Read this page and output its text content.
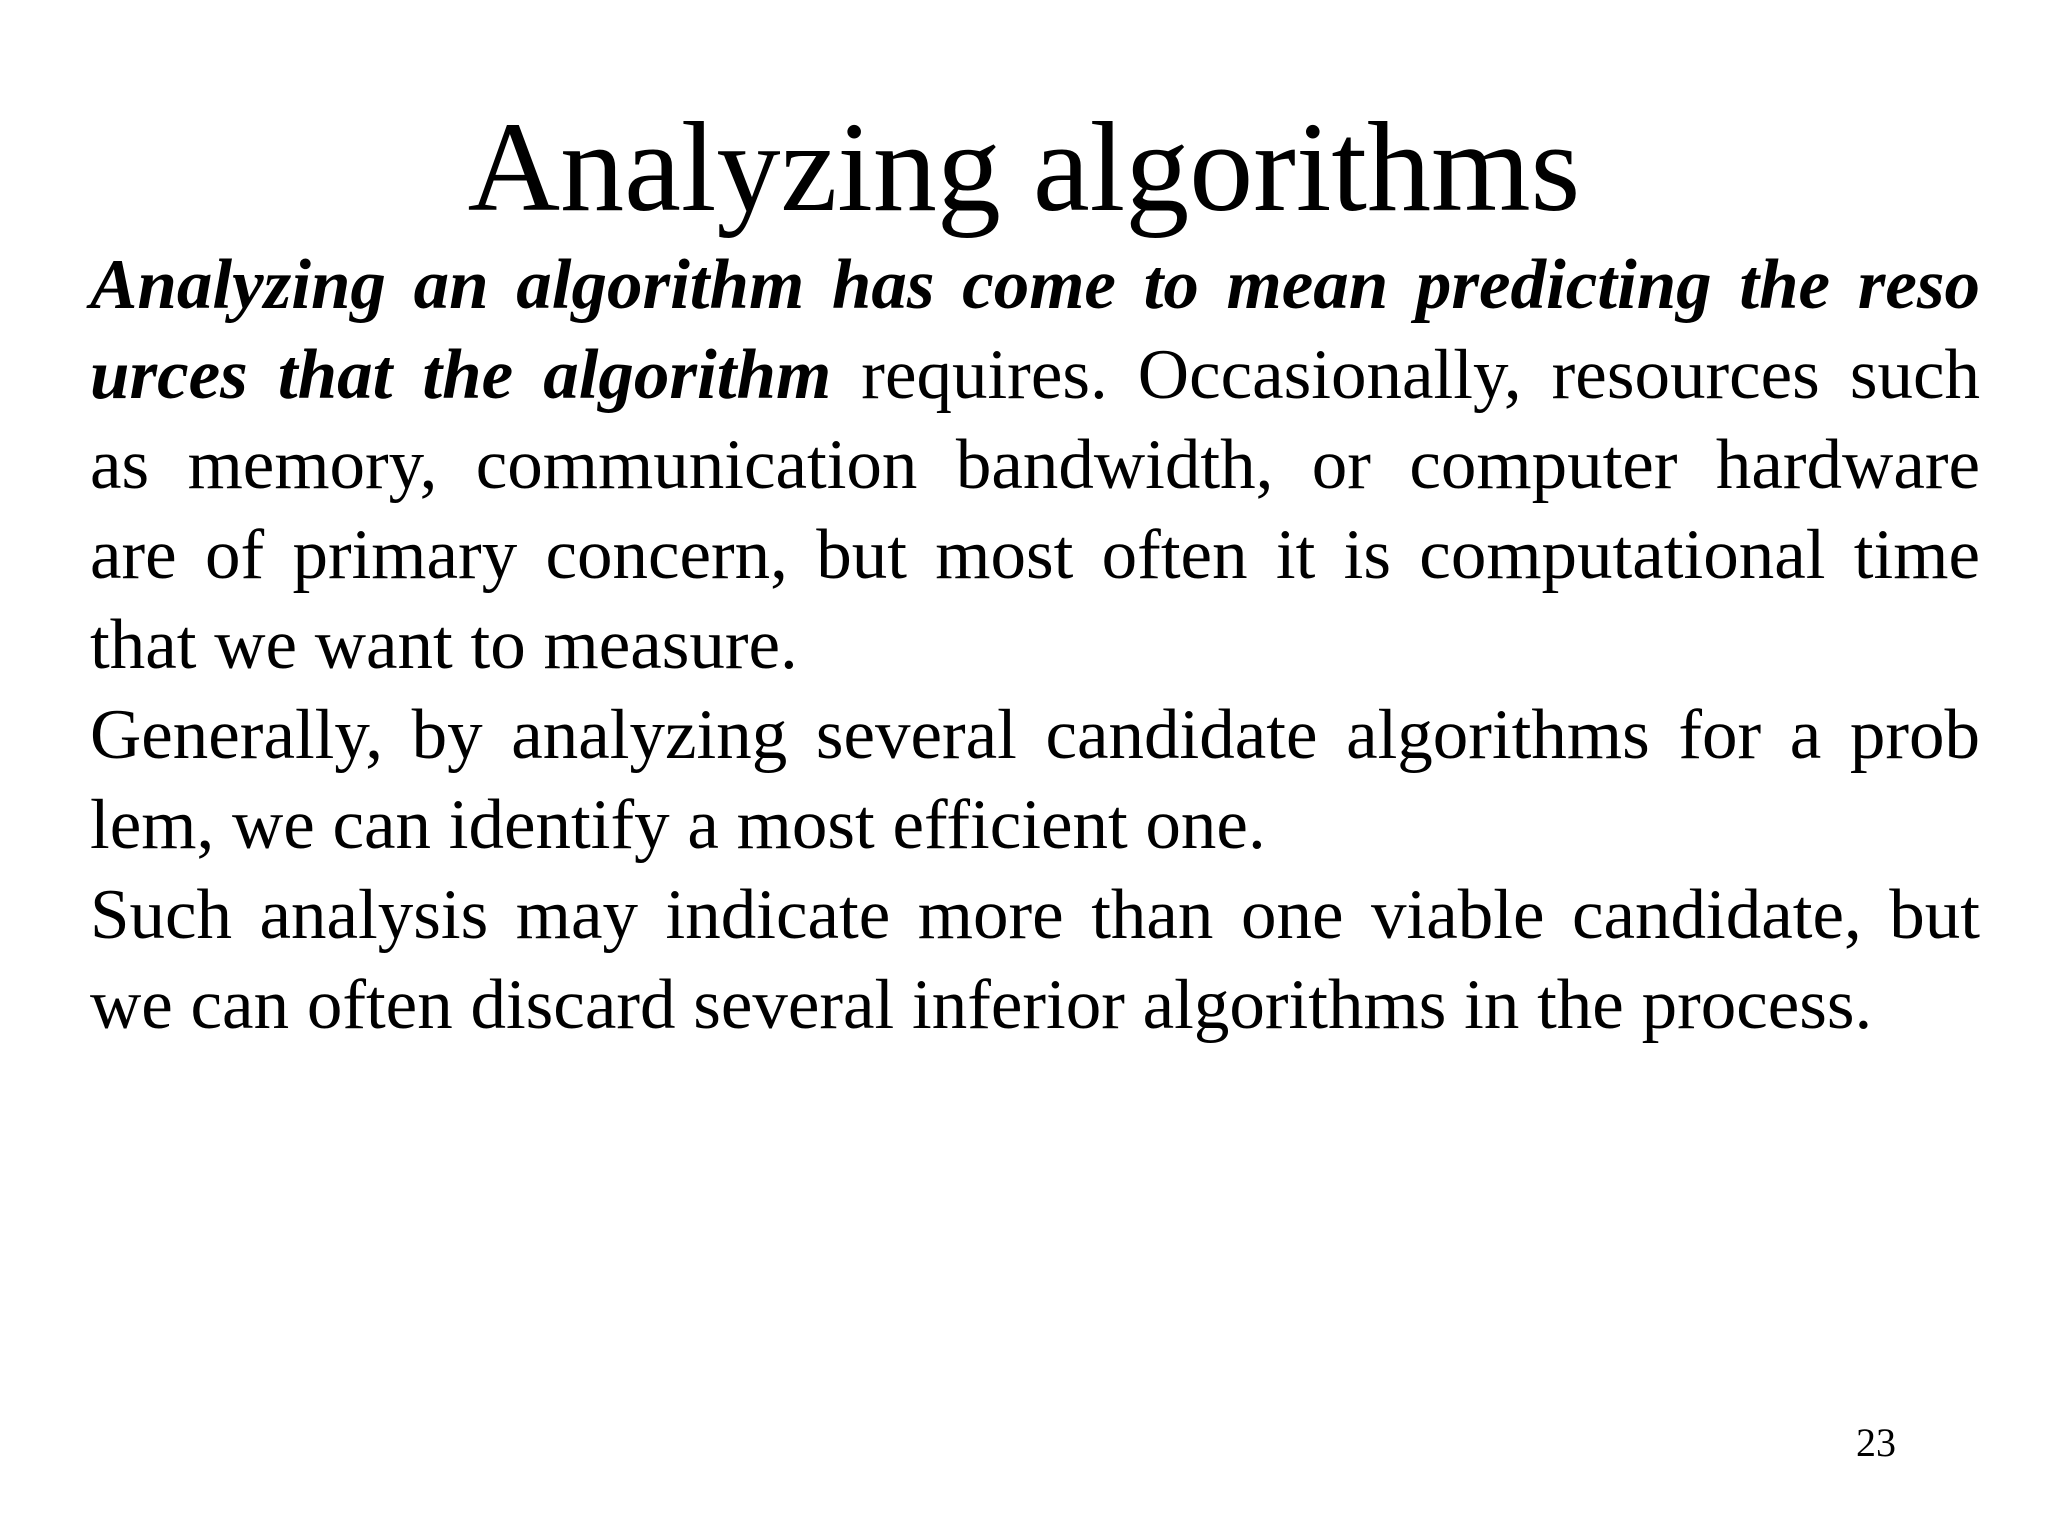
Analyzing algorithms
Analyzing an algorithm has come to mean predicting the reso
urces that the algorithm requires. Occasionally, resources such
as memory, communication bandwidth, or computer hardware
are of primary concern, but most often it is computational time
that we want to measure.
Generally, by analyzing several candidate algorithms for a prob
lem, we can identify a most efficient one.
Such analysis may indicate more than one viable candidate, but
we can often discard several inferior algorithms in the process.
23
